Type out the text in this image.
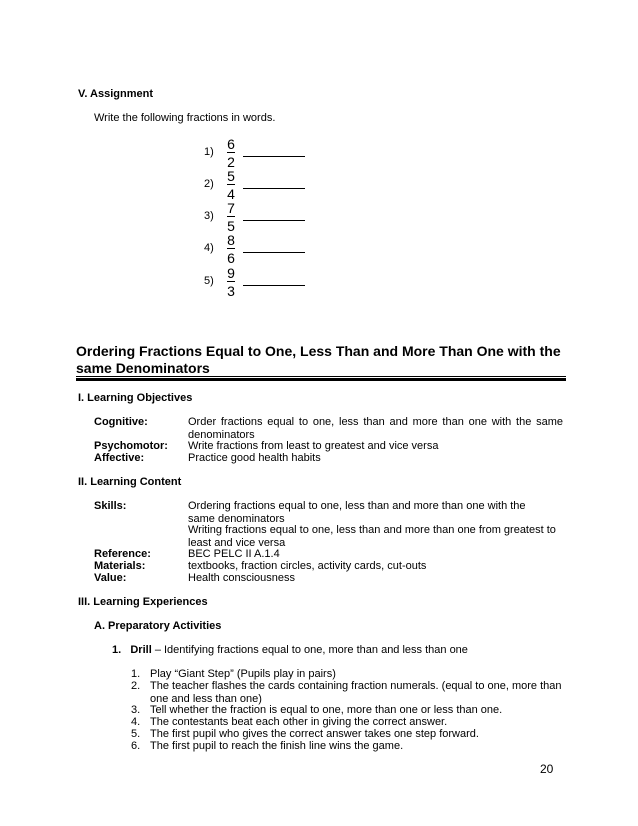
V. Assignment
Write the following fractions in words.
1) 6
2
2) 5
4
3) 7
5
4) 8
6
5) 9
3
Ordering Fractions Equal to One, Less Than and More Than One with the same Denominators
I. Learning Objectives
Cognitive:	Order fractions equal to one, less than and more than one with the same denominators
Psychomotor: Write fractions from least to greatest and vice versa
Affective:	Practice good health habits
II. Learning Content
Skills:	Ordering fractions equal to one, less than and more than one with the same denominators
Writing fractions equal to one, less than and more than one from greatest to least and vice versa
Reference:	BEC PELC II A.1.4
Materials:	textbooks, fraction circles, activity cards, cut-outs
Value:	Health consciousness
III. Learning Experiences
A. Preparatory Activities
1. Drill – Identifying fractions equal to one, more than and less than one
1. Play “Giant Step” (Pupils play in pairs)
2. The teacher flashes the cards containing fraction numerals. (equal to one, more than one and less than one)
3. Tell whether the fraction is equal to one, more than one or less than one.
4. The contestants beat each other in giving the correct answer.
5. The first pupil who gives the correct answer takes one step forward.
6. The first pupil to reach the finish line wins the game.
20
